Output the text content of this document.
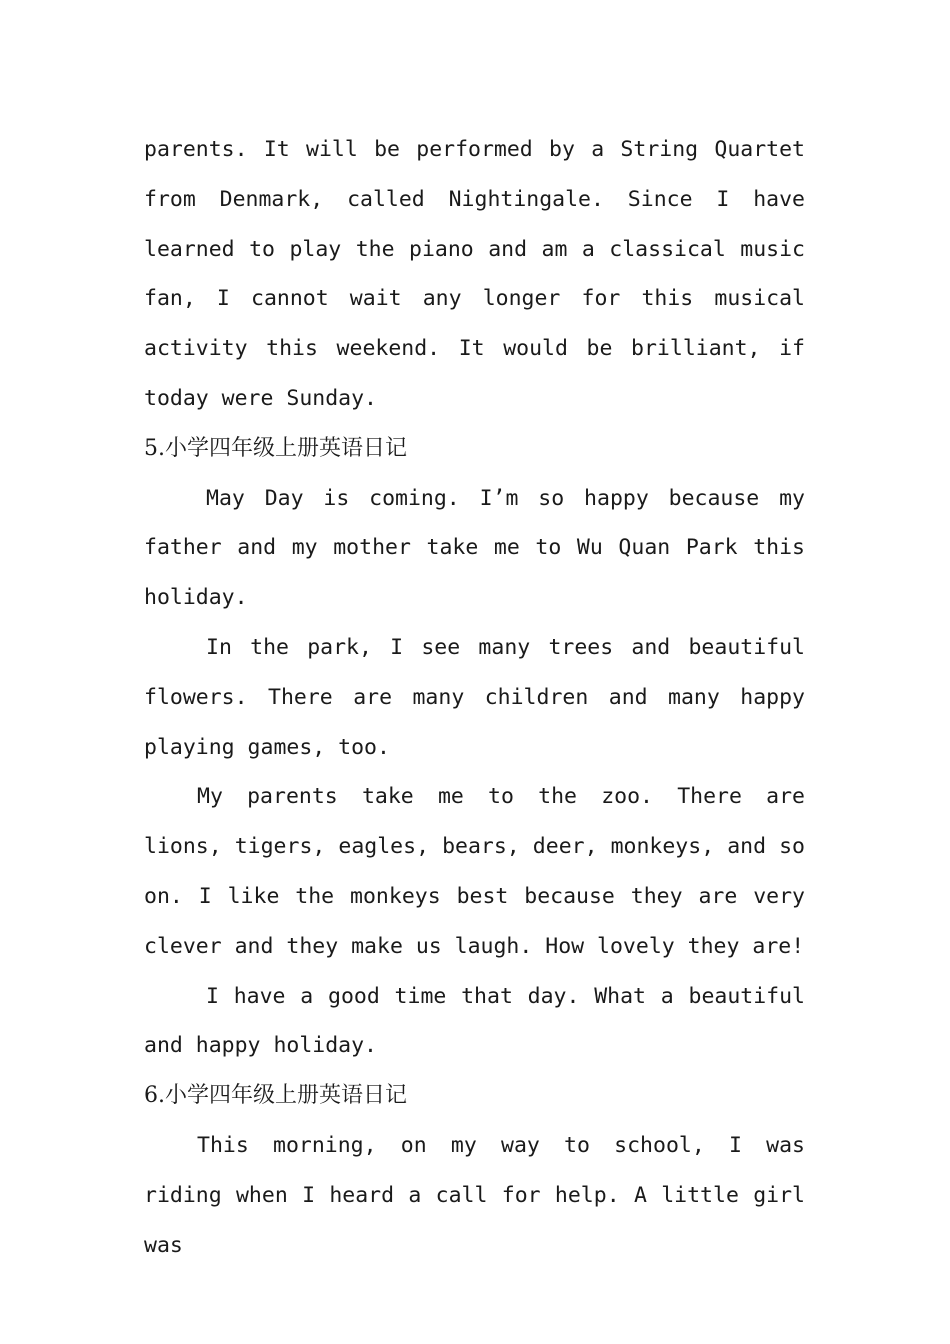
parents. It will be performed by a String Quartet from Denmark, called Nightingale. Since I have learned to play the piano and am a classical music fan, I cannot wait any longer for this musical activity this weekend. It would be brilliant, if today were Sunday.

5.小学四年级上册英语日记

May Day is coming. I’m so happy because my father and my mother take me to Wu Quan Park this holiday.

In the park, I see many trees and beautiful flowers. There are many children and many happy playing games, too.

My parents take me to the zoo. There are lions, tigers, eagles, bears, deer, monkeys, and so on. I like the monkeys best because they are very clever and they make us laugh. How lovely they are!

I have a good time that day. What a beautiful and happy holiday.

6.小学四年级上册英语日记

This morning, on my way to school, I was riding when I heard a call for help. A little girl was
